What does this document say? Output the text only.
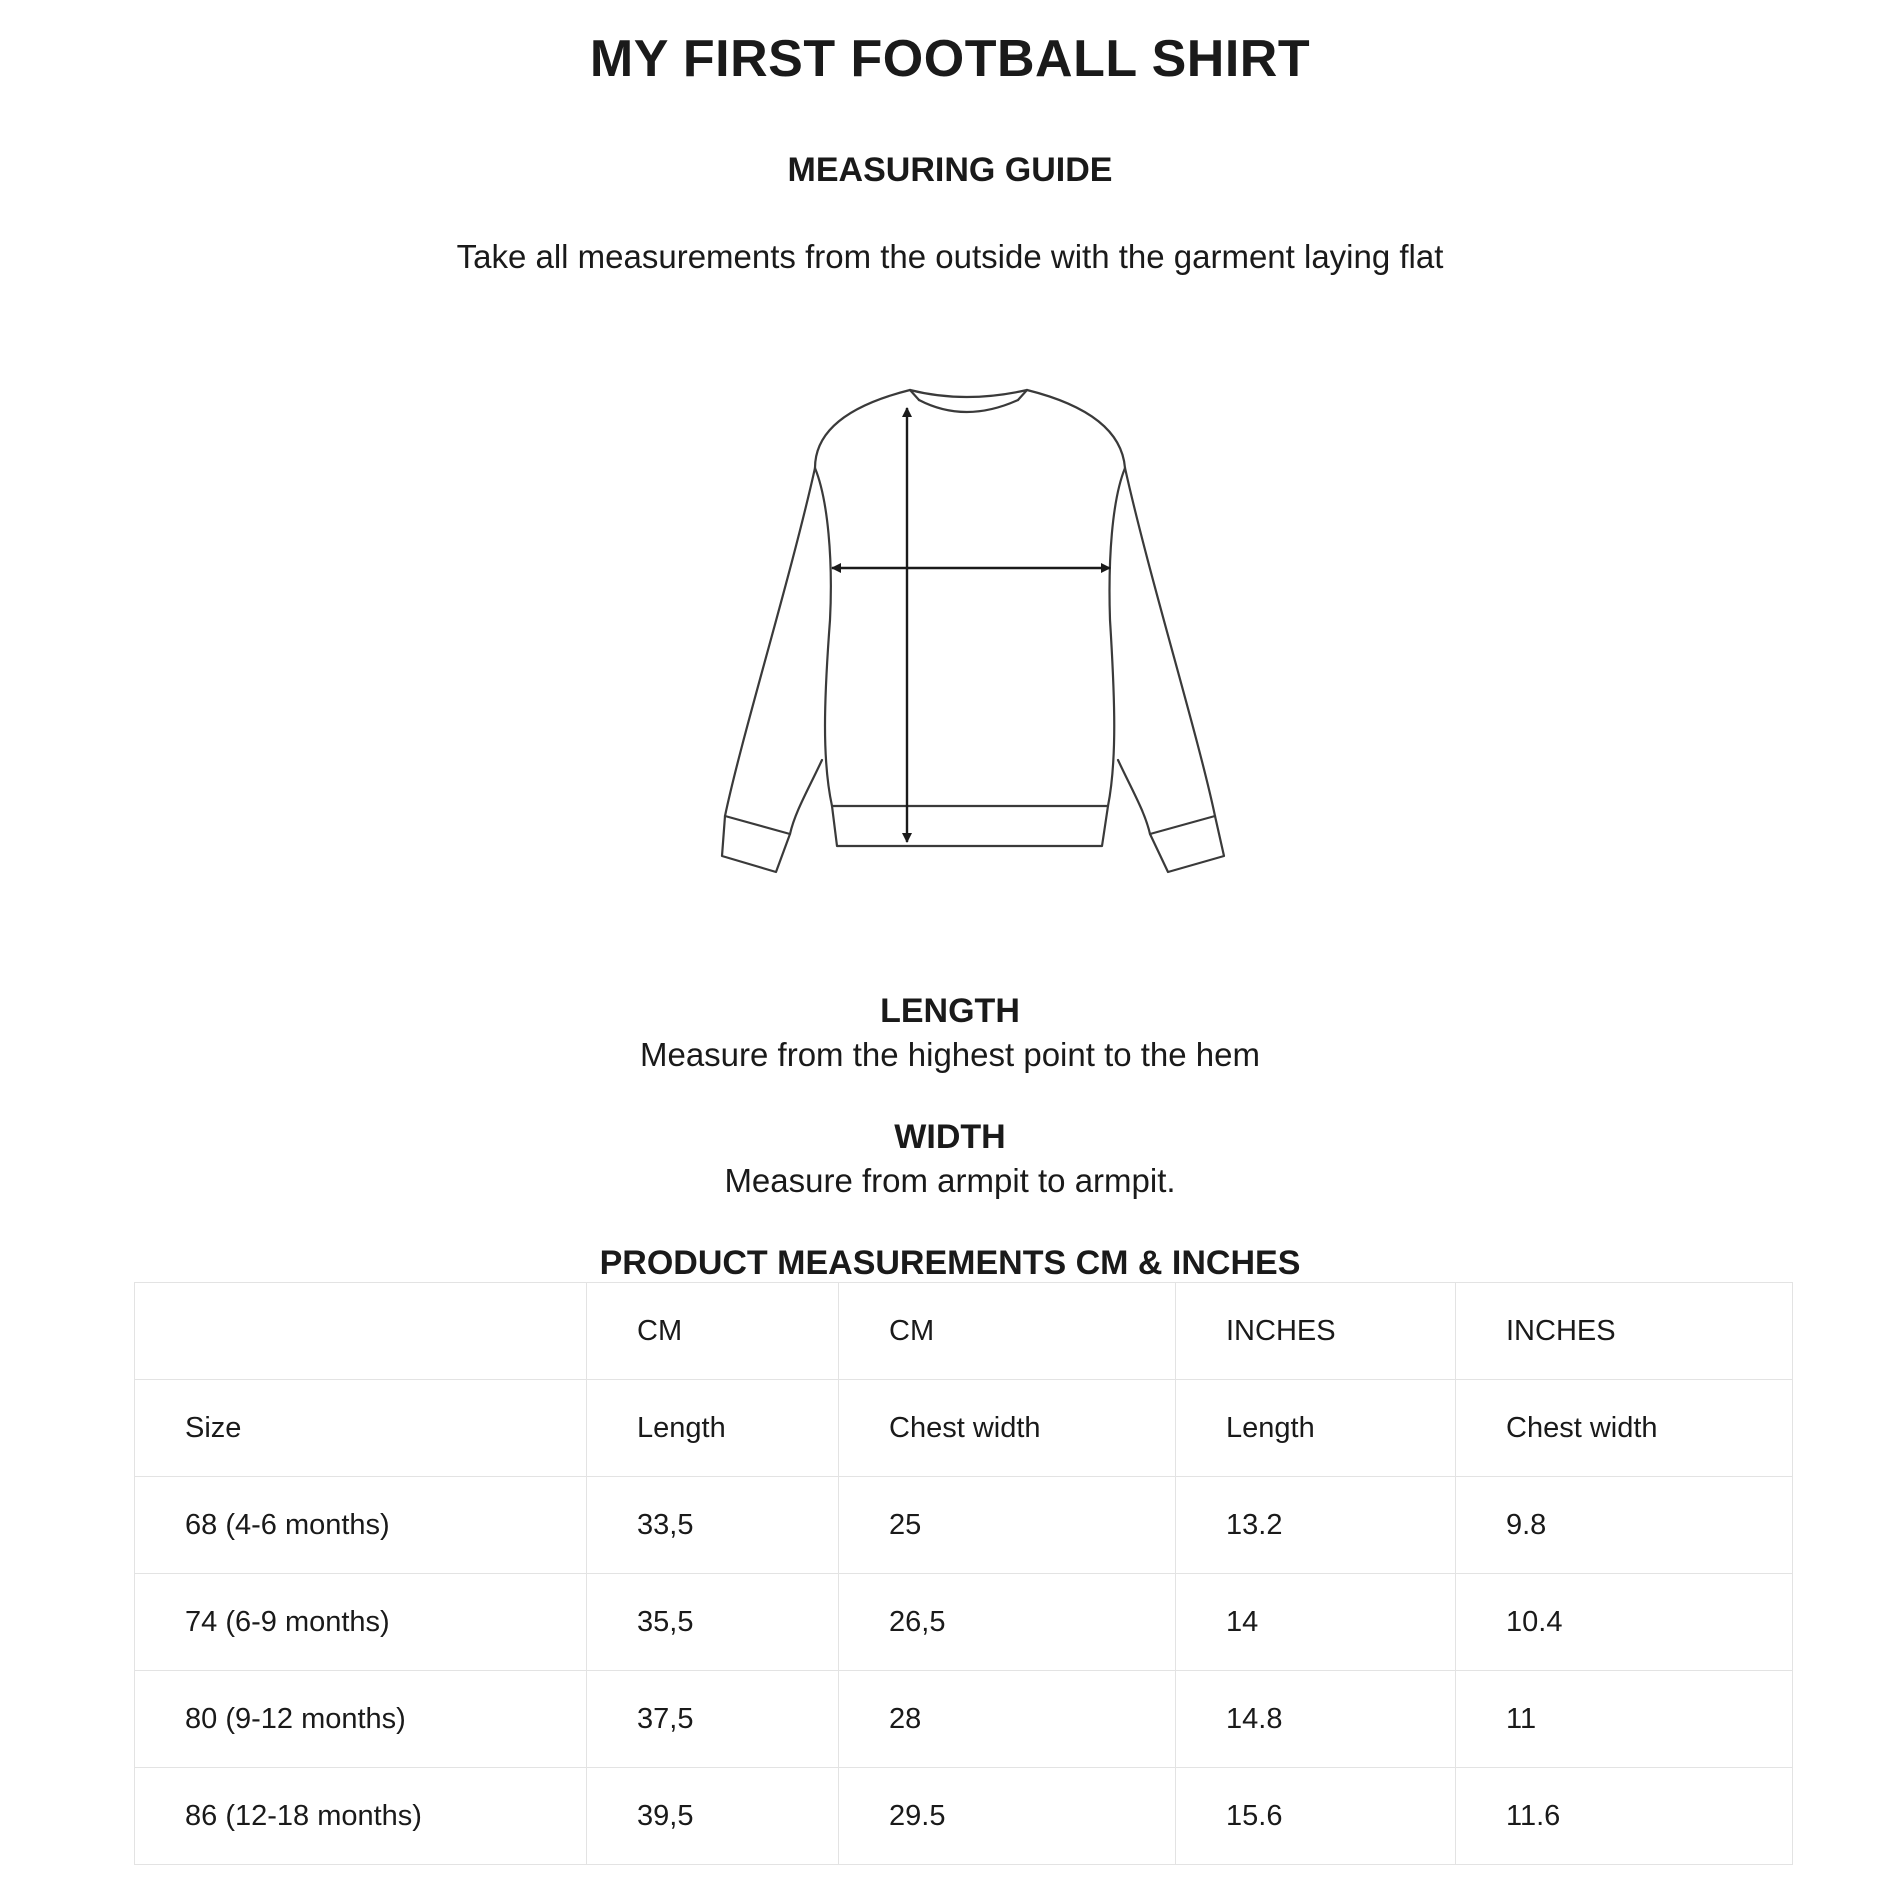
MY FIRST FOOTBALL SHIRT
MEASURING GUIDE

Take all measurements from the outside with the garment laying flat

LENGTH

Measure from the highest point to the hem

WIDTH

Measure from armpit to armpit.

PRODUCT MEASUREMENTS CM & INCHES
	CM	CM	INCHES	INCHES
Size	Length	Chest width	Length	Chest width
68 (4-6 months)	33,5	25	13.2	9.8
74 (6-9 months)	35,5	26,5	14	10.4
80 (9-12 months)	37,5	28	14.8	11
86 (12-18 months)	39,5	29.5	15.6	11.6
